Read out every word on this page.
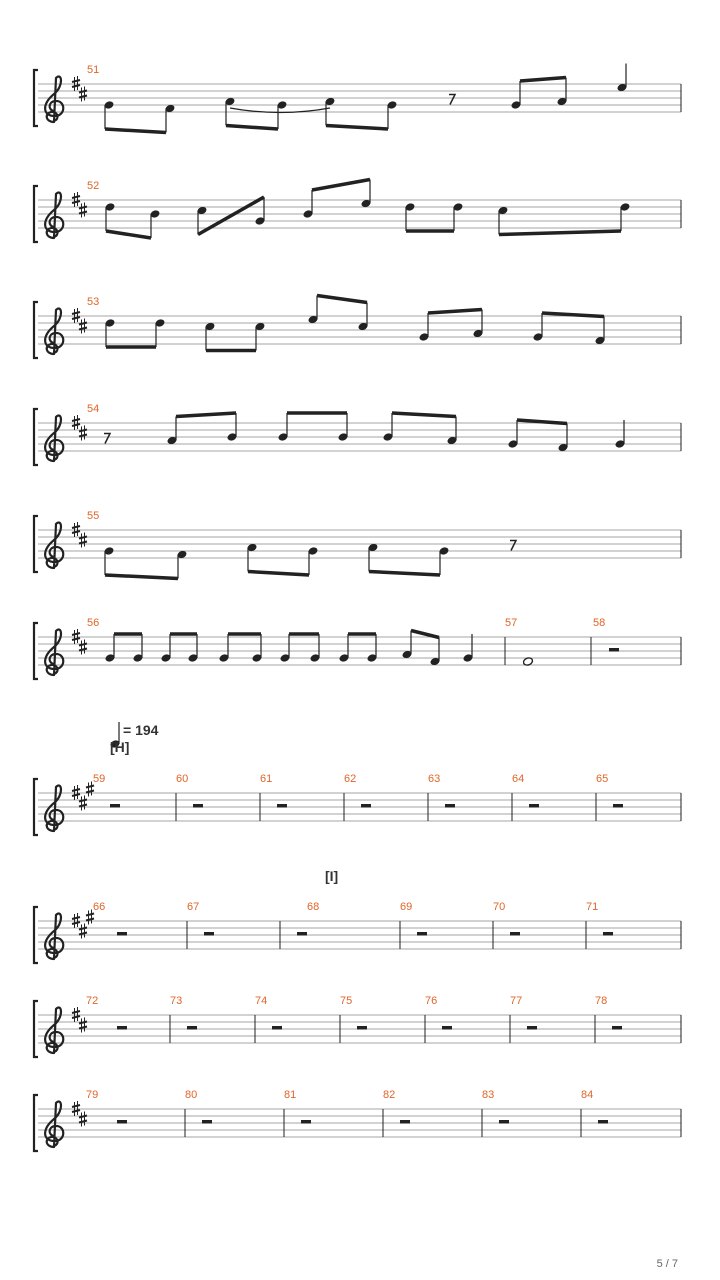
51
52
53
54
55
56	57	58
59	60	61	62	63	64	65
66	67	68	69	70	71
72	73	74	75	76	77	78
79	80	81	82	83	84
= 194
[H]
[I]
5 / 7
